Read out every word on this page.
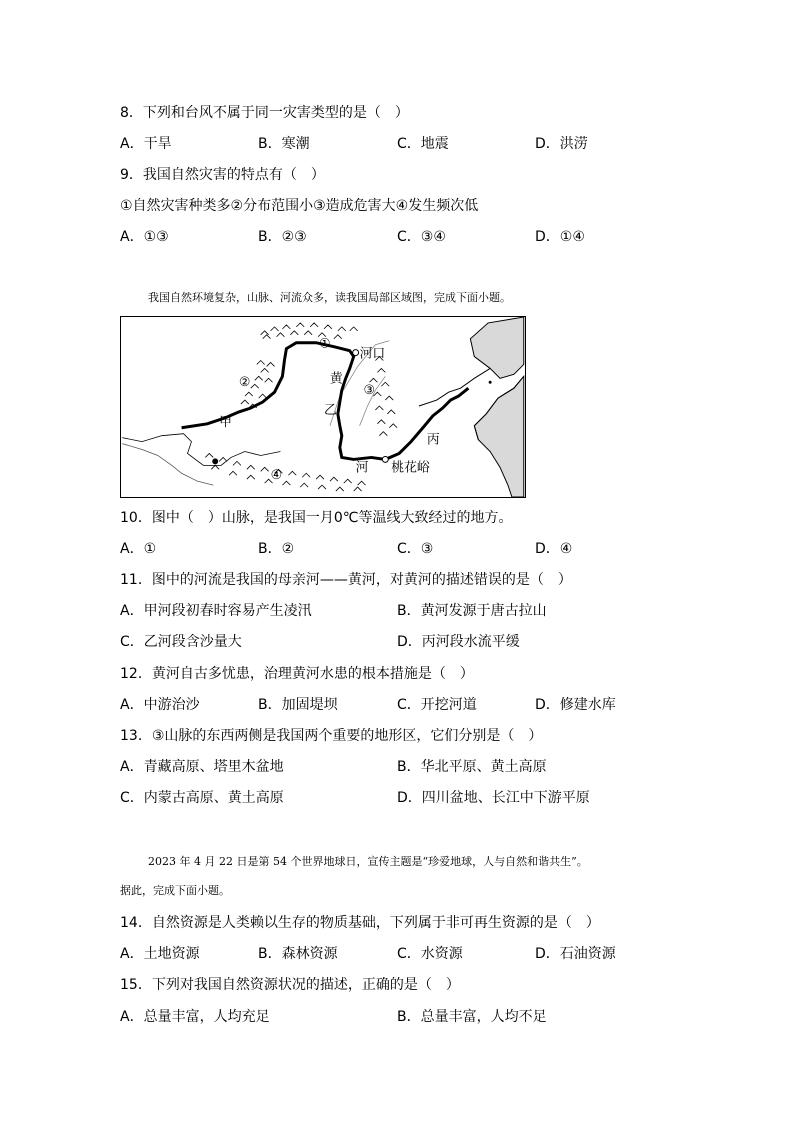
8．下列和台风不属于同一灾害类型的是（　）
A．干旱	B．寒潮	C．地震	D．洪涝
9．我国自然灾害的特点有（　）
①自然灾害种类多②分布范围小③造成危害大④发生频次低
A．①③	B．②③	C．③④	D．①④
我国自然环境复杂，山脉、河流众多，读我国局部区域图，完成下面小题。
①
②
③
④
河口
黄
乙
甲
丙
河 桃花峪
10．图中（　）山脉，是我国一月0℃等温线大致经过的地方。
A．①	B．②	C．③	D．④
11．图中的河流是我国的母亲河——黄河，对黄河的描述错误的是（　）
A．甲河段初春时容易产生凌汛	B．黄河发源于唐古拉山
C．乙河段含沙量大	D．丙河段水流平缓
12．黄河自古多忧患，治理黄河水患的根本措施是（　）
A．中游治沙	B．加固堤坝	C．开挖河道	D．修建水库
13．③山脉的东西两侧是我国两个重要的地形区，它们分别是（　）
A．青藏高原、塔里木盆地	B．华北平原、黄土高原
C．内蒙古高原、黄土高原	D．四川盆地、长江中下游平原
2023 年 4 月 22 日是第 54 个世界地球日，宣传主题是“珍爱地球，人与自然和谐共生”。
据此，完成下面小题。
14．自然资源是人类赖以生存的物质基础，下列属于非可再生资源的是（　）
A．土地资源	B．森林资源	C．水资源	D．石油资源
15．下列对我国自然资源状况的描述，正确的是（　）
A．总量丰富，人均充足	B．总量丰富，人均不足
